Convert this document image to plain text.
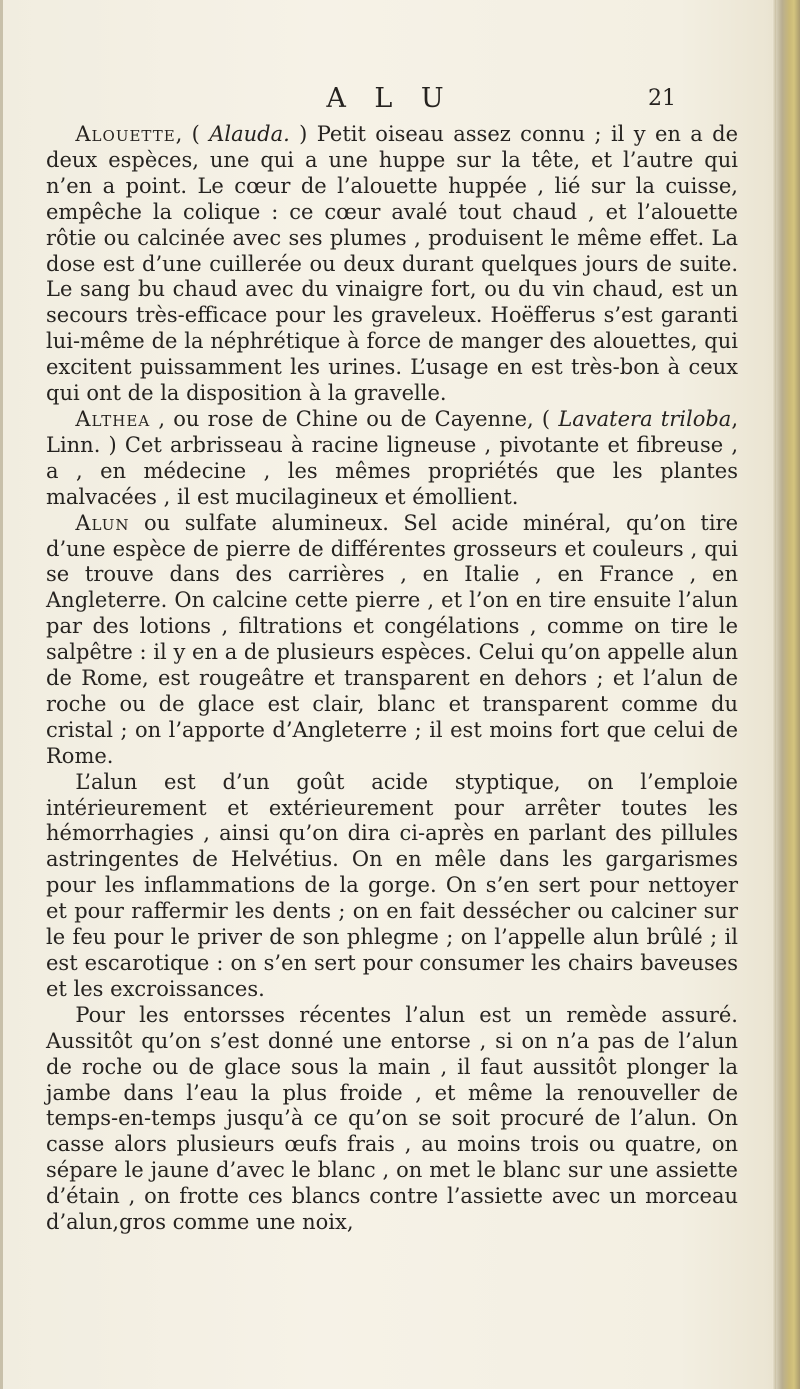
A L U	21

Alouette, ( Alauda. ) Petit oiseau assez connu ; il y en a de deux espèces, une qui a une huppe sur la tête, et l’autre qui n’en a point. Le cœur de l’alouette huppée , lié sur la cuisse, empêche la colique : ce cœur avalé tout chaud , et l’alouette rôtie ou calcinée avec ses plumes , produisent le même effet. La dose est d’une cuillerée ou deux durant quelques jours de suite. Le sang bu chaud avec du vinaigre fort, ou du vin chaud, est un secours très-efficace pour les graveleux. Hoëfferus s’est garanti lui-même de la néphrétique à force de manger des alouettes, qui excitent puissamment les urines. L’usage en est très-bon à ceux qui ont de la disposition à la gravelle.

Althea , ou rose de Chine ou de Cayenne, ( Lavatera triloba, Linn. ) Cet arbrisseau à racine ligneuse , pivotante et fibreuse , a , en médecine , les mêmes propriétés que les plantes malvacées , il est mucilagineux et émollient.

Alun ou sulfate alumineux. Sel acide minéral, qu’on tire d’une espèce de pierre de différentes grosseurs et couleurs , qui se trouve dans des carrières , en Italie , en France , en Angleterre. On calcine cette pierre , et l’on en tire ensuite l’alun par des lotions , filtrations et congélations , comme on tire le salpêtre : il y en a de plusieurs espèces. Celui qu’on appelle alun de Rome, est rougeâtre et transparent en dehors ; et l’alun de roche ou de glace est clair, blanc et transparent comme du cristal ; on l’apporte d’Angleterre ; il est moins fort que celui de Rome.

L’alun est d’un goût acide styptique, on l’emploie intérieurement et extérieurement pour arrêter toutes les hémorrhagies , ainsi qu’on dira ci-après en parlant des pillules astringentes de Helvétius. On en mêle dans les gargarismes pour les inflammations de la gorge. On s’en sert pour nettoyer et pour raffermir les dents ; on en fait dessécher ou calciner sur le feu pour le priver de son phlegme ; on l’appelle alun brûlé ; il est escarotique : on s’en sert pour consumer les chairs baveuses et les excroissances.

Pour les entorsses récentes l’alun est un remède assuré. Aussitôt qu’on s’est donné une entorse , si on n’a pas de l’alun de roche ou de glace sous la main , il faut aussitôt plonger la jambe dans l’eau la plus froide , et même la renouveller de temps-en-temps jusqu’à ce qu’on se soit procuré de l’alun. On casse alors plusieurs œufs frais , au moins trois ou quatre, on sépare le jaune d’avec le blanc , on met le blanc sur une assiette d’étain , on frotte ces blancs contre l’assiette avec un morceau d’alun,gros comme une noix,
